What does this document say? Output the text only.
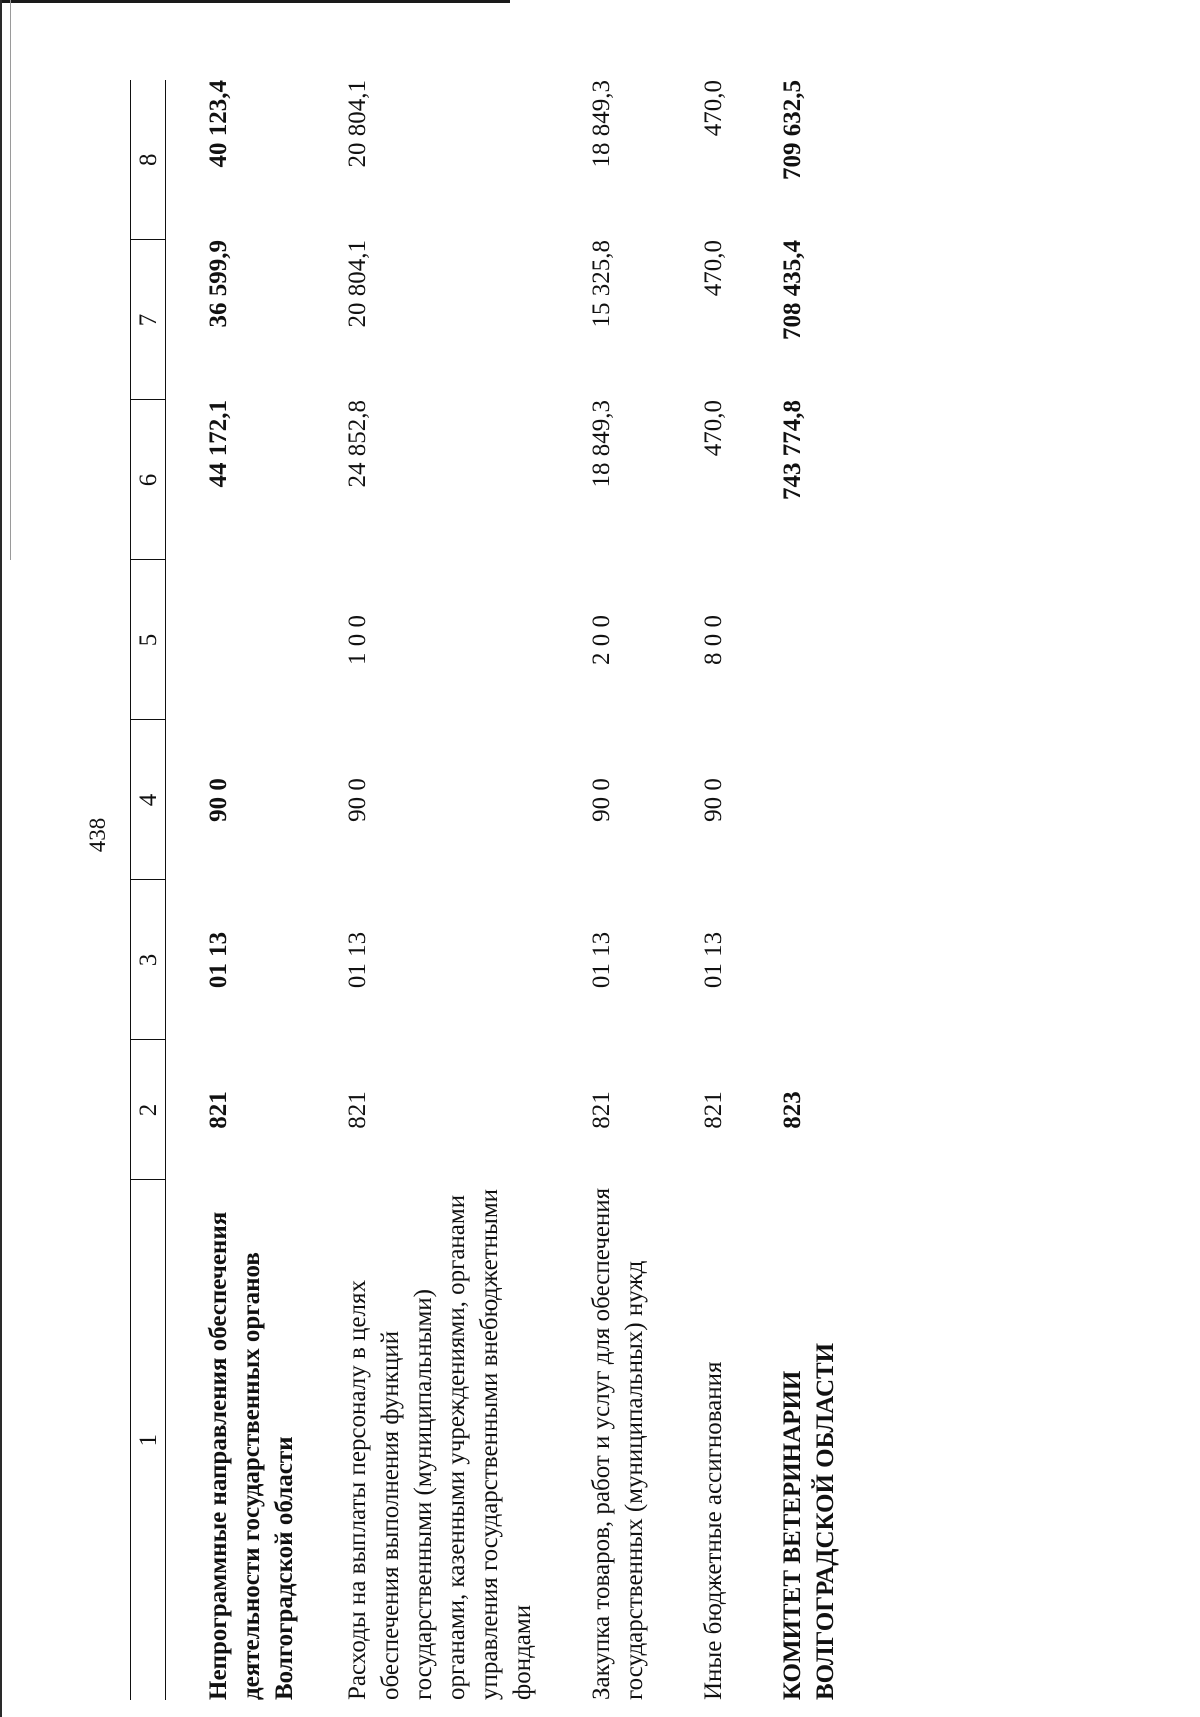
438
1	2	3	4	5	6	7	8
Непрограммные направления обеспечения деятельности государственных органов Волгоградской области	821	01 13	90 0		44 172,1	36 599,9	40 123,4
Расходы на выплаты персоналу в целях обеспечения выполнения функций государственными (муниципальными) органами, казенными учреждениями, органами управления государственными внебюджетными фондами	821	01 13	90 0	1 0 0	24 852,8	20 804,1	20 804,1
Закупка товаров, работ и услуг для обеспечения государственных (муниципальных) нужд	821	01 13	90 0	2 0 0	18 849,3	15 325,8	18 849,3
Иные бюджетные ассигнования	821	01 13	90 0	8 0 0	470,0	470,0	470,0
КОМИТЕТ ВЕТЕРИНАРИИ ВОЛГОГРАДСКОЙ ОБЛАСТИ	823				743 774,8	708 435,4	709 632,5
